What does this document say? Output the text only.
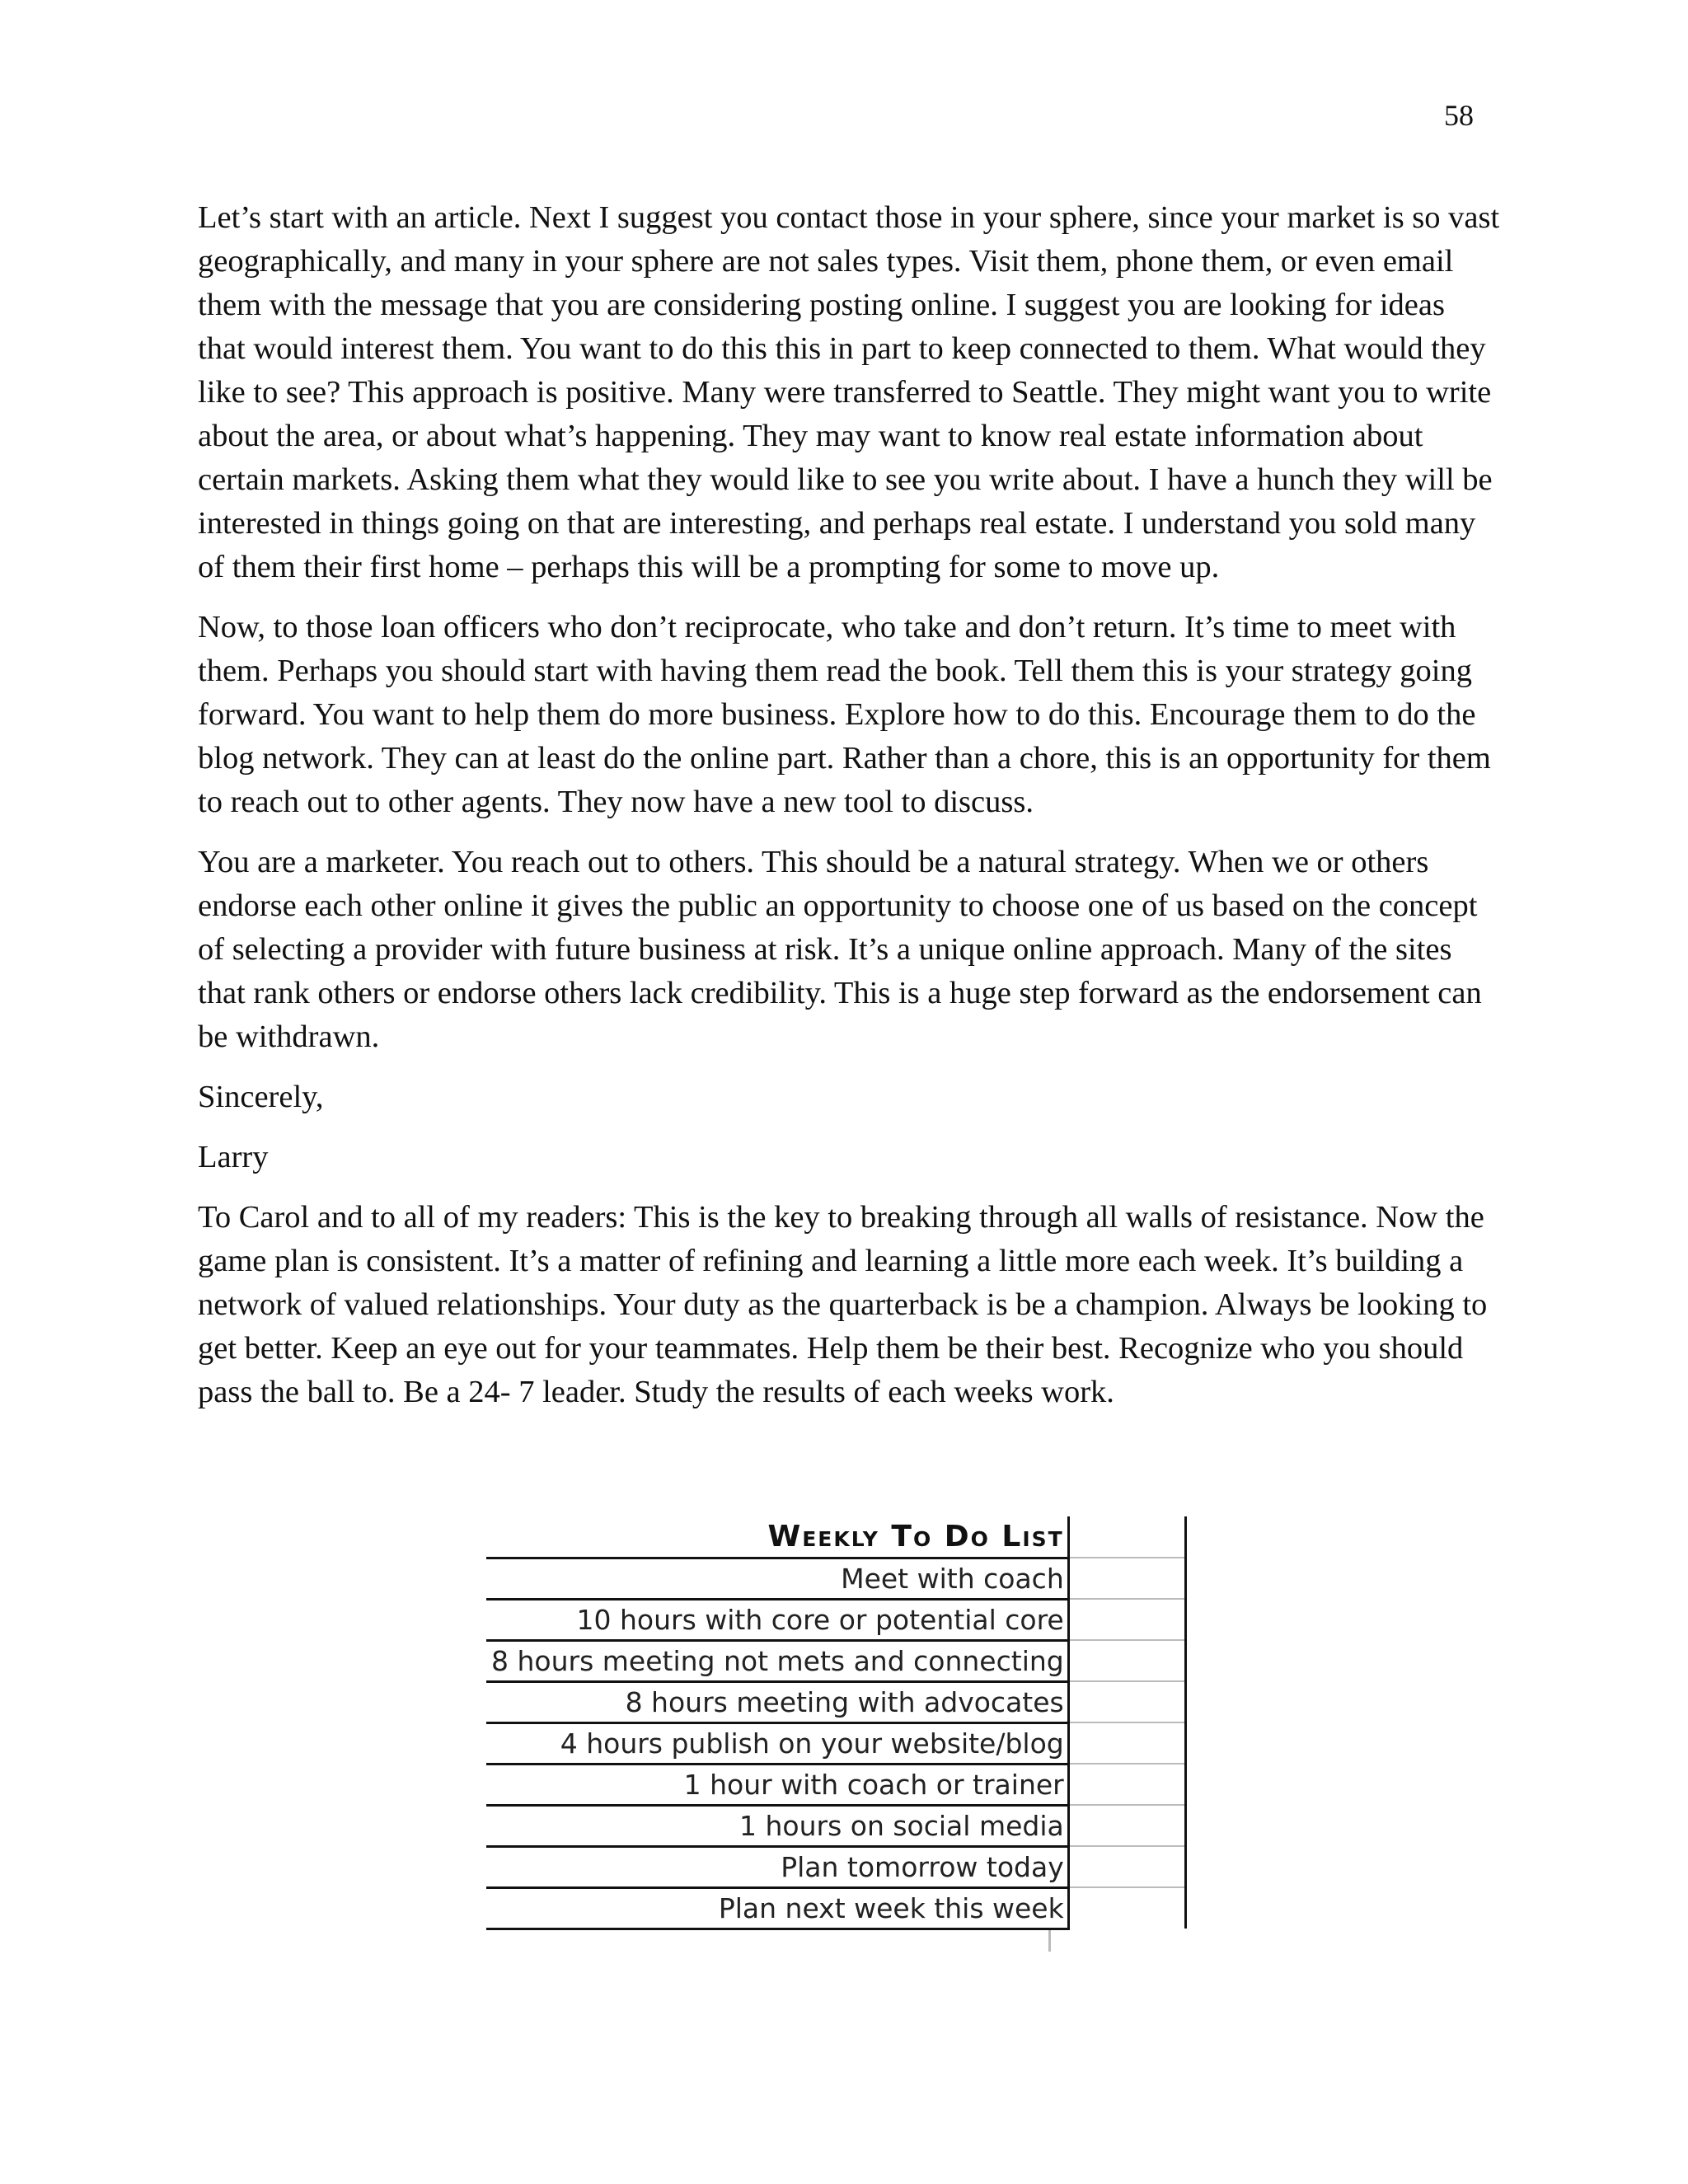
58

Let’s start with an article. Next I suggest you contact those in your sphere, since your market is so vast geographically, and many in your sphere are not sales types. Visit them, phone them, or even email them with the message that you are considering posting online. I suggest you are looking for ideas that would interest them. You want to do this this in part to keep connected to them. What would they like to see? This approach is positive. Many were transferred to Seattle. They might want you to write about the area, or about what’s happening. They may want to know real estate information about certain markets. Asking them what they would like to see you write about. I have a hunch they will be interested in things going on that are interesting, and perhaps real estate. I understand you sold many of them their first home – perhaps this will be a prompting for some to move up.

Now, to those loan officers who don’t reciprocate, who take and don’t return. It’s time to meet with them. Perhaps you should start with having them read the book. Tell them this is your strategy going forward. You want to help them do more business. Explore how to do this. Encourage them to do the blog network. They can at least do the online part. Rather than a chore, this is an opportunity for them to reach out to other agents. They now have a new tool to discuss.

You are a marketer. You reach out to others. This should be a natural strategy. When we or others endorse each other online it gives the public an opportunity to choose one of us based on the concept of selecting a provider with future business at risk. It’s a unique online approach. Many of the sites that rank others or endorse others lack credibility. This is a huge step forward as the endorsement can be withdrawn.

Sincerely,

Larry

To Carol and to all of my readers: This is the key to breaking through all walls of resistance. Now the game plan is consistent. It’s a matter of refining and learning a little more each week. It’s building a network of valued relationships. Your duty as the quarterback is be a champion. Always be looking to get better. Keep an eye out for your teammates. Help them be their best. Recognize who you should pass the ball to. Be a 24- 7 leader. Study the results of each weeks work.

Weekly To Do List	
Meet with coach	
10 hours with core or potential core	
8 hours meeting not mets and connecting	
8 hours meeting with advocates	
4 hours publish on your website/blog	
1 hour with coach or trainer	
1 hours on social media	
Plan tomorrow today	
Plan next week this week	
